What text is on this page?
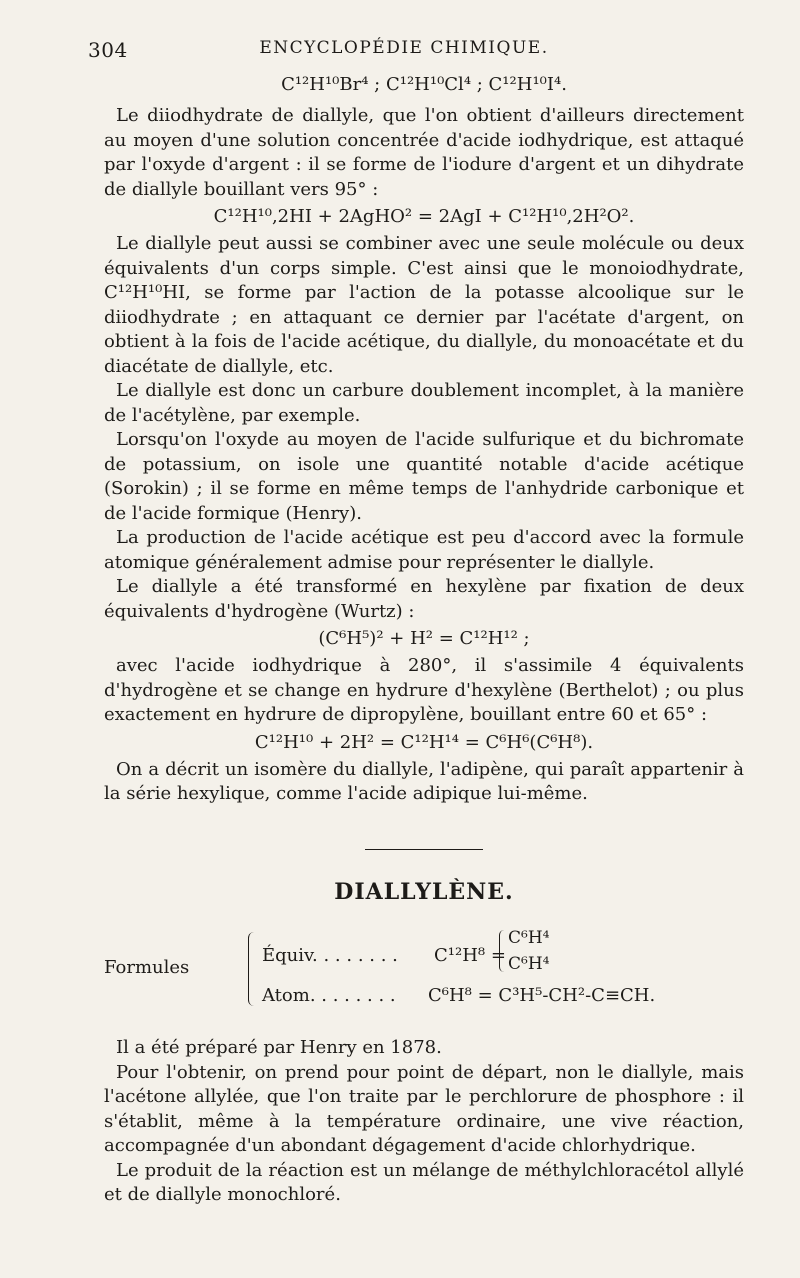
304	ENCYCLOPÉDIE CHIMIQUE.
C¹²H¹⁰Br⁴ ; C¹²H¹⁰Cl⁴ ; C¹²H¹⁰I⁴.

Le diiodhydrate de diallyle, que l'on obtient d'ailleurs directement au moyen d'une solution concentrée d'acide iodhydrique, est attaqué par l'oxyde d'argent : il se forme de l'iodure d'argent et un dihydrate de diallyle bouillant vers 95° :

C¹²H¹⁰,2HI + 2AgHO² = 2AgI + C¹²H¹⁰,2H²O².

Le diallyle peut aussi se combiner avec une seule molécule ou deux équivalents d'un corps simple. C'est ainsi que le monoiodhydrate, C¹²H¹⁰HI, se forme par l'action de la potasse alcoolique sur le diiodhydrate ; en attaquant ce dernier par l'acétate d'argent, on obtient à la fois de l'acide acétique, du diallyle, du monoacétate et du diacétate de diallyle, etc.

Le diallyle est donc un carbure doublement incomplet, à la manière de l'acétylène, par exemple.

Lorsqu'on l'oxyde au moyen de l'acide sulfurique et du bichromate de potassium, on isole une quantité notable d'acide acétique (Sorokin) ; il se forme en même temps de l'anhydride carbonique et de l'acide formique (Henry).

La production de l'acide acétique est peu d'accord avec la formule atomique généralement admise pour représenter le diallyle.

Le diallyle a été transformé en hexylène par fixation de deux équivalents d'hydrogène (Wurtz) :

(C⁶H⁵)² + H² = C¹²H¹² ;

avec l'acide iodhydrique à 280°, il s'assimile 4 équivalents d'hydrogène et se change en hydrure d'hexylène (Berthelot) ; ou plus exactement en hydrure de dipropylène, bouillant entre 60 et 65° :

C¹²H¹⁰ + 2H² = C¹²H¹⁴ = C⁶H⁶(C⁶H⁸).

On a décrit un isomère du diallyle, l'adipène, qui paraît appartenir à la série hexylique, comme l'acide adipique lui-même.

DIALLYLÈNE.
Formules
Équiv. . . . . . . . C¹²H⁸ =
C⁶H⁴
C⁶H⁴
Atom. . . . . . . . C⁶H⁸ = C³H⁵-CH²-C≡CH.

Il a été préparé par Henry en 1878.

Pour l'obtenir, on prend pour point de départ, non le diallyle, mais l'acétone allylée, que l'on traite par le perchlorure de phosphore : il s'établit, même à la température ordinaire, une vive réaction, accompagnée d'un abondant dégagement d'acide chlorhydrique.

Le produit de la réaction est un mélange de méthylchloracétol allylé et de diallyle monochloré.
